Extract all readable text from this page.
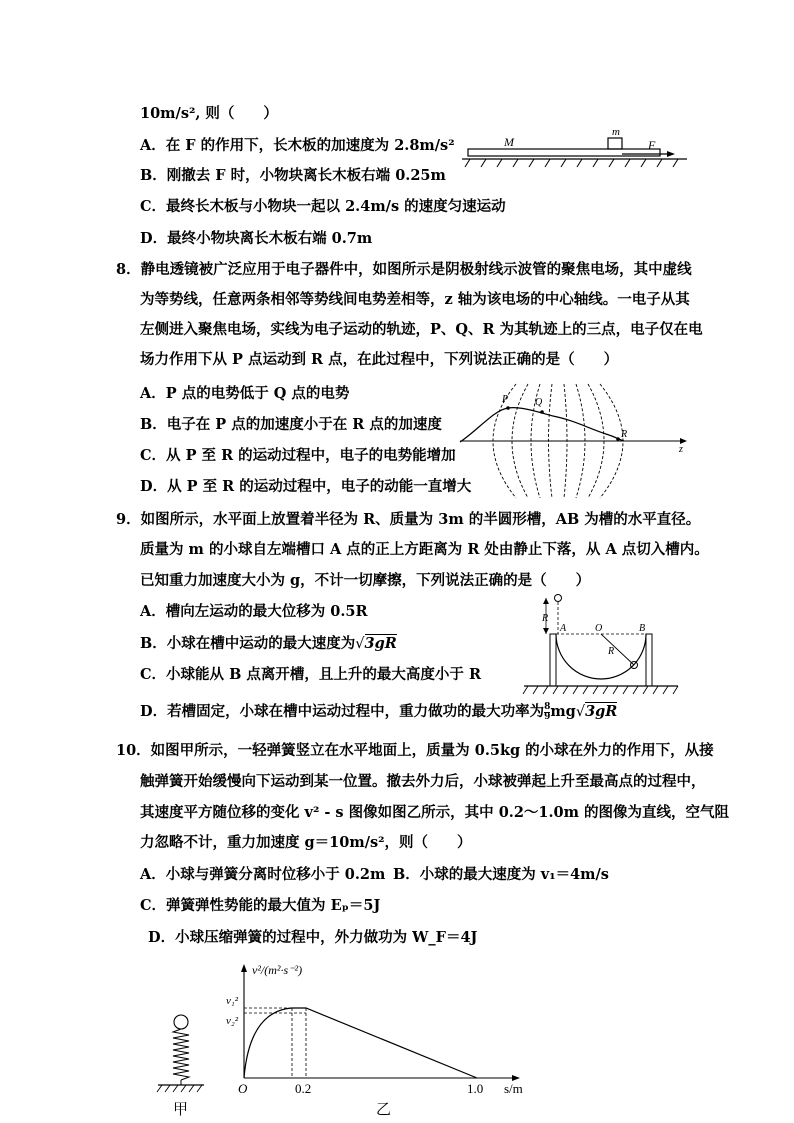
10m/s², 则（　　）
A．在 F 的作用下，长木板的加速度为 2.8m/s²
B．刚撤去 F 时，小物块离长木板右端 0.25m
C．最终长木板与小物块一起以 2.4m/s 的速度匀速运动
D．最终小物块离长木板右端 0.7m
M
m
F
8．静电透镜被广泛应用于电子器件中，如图所示是阴极射线示波管的聚焦电场，其中虚线
为等势线，任意两条相邻等势线间电势差相等，z 轴为该电场的中心轴线。一电子从其
左侧进入聚焦电场，实线为电子运动的轨迹，P、Q、R 为其轨迹上的三点，电子仅在电
场力作用下从 P 点运动到 R 点，在此过程中，下列说法正确的是（　　）
A．P 点的电势低于 Q 点的电势
B．电子在 P 点的加速度小于在 R 点的加速度
C．从 P 至 R 的运动过程中，电子的电势能增加
D．从 P 至 R 的运动过程中，电子的动能一直增大
z
P	Q
R
9．如图所示，水平面上放置着半径为 R、质量为 3m 的半圆形槽，AB 为槽的水平直径。
质量为 m 的小球自左端槽口 A 点的正上方距离为 R 处由静止下落，从 A 点切入槽内。
已知重力加速度大小为 g，不计一切摩擦，下列说法正确的是（　　）
A．槽向左运动的最大位移为 0.5R
B．小球在槽中运动的最大速度为√3gR
C．小球能从 B 点离开槽，且上升的最大高度小于 R
D．若槽固定，小球在槽中运动过程中，重力做功的最大功率为 $\frac{8}{9} mg√3gR$
R
R
A	O	B
10．如图甲所示，一轻弹簧竖立在水平地面上，质量为 0.5kg 的小球在外力的作用下，从接
触弹簧开始缓慢向下运动到某一位置。撤去外力后，小球被弹起上升至最高点的过程中，
其速度平方随位移的变化 v² - s 图像如图乙所示，其中 0.2～1.0m 的图像为直线，空气阻
力忽略不计，重力加速度 g＝10m/s²，则（　　）
A．小球与弹簧分离时位移小于 0.2m B．小球的最大速度为 v₁＝4m/s
C．弹簧弹性势能的最大值为 Eₚ＝5J
D．小球压缩弹簧的过程中，外力做功为 W_F＝4J
甲
v²/(m²·s⁻²)
v₁²
v₂²
O	0.2	1.0 s/m
乙
